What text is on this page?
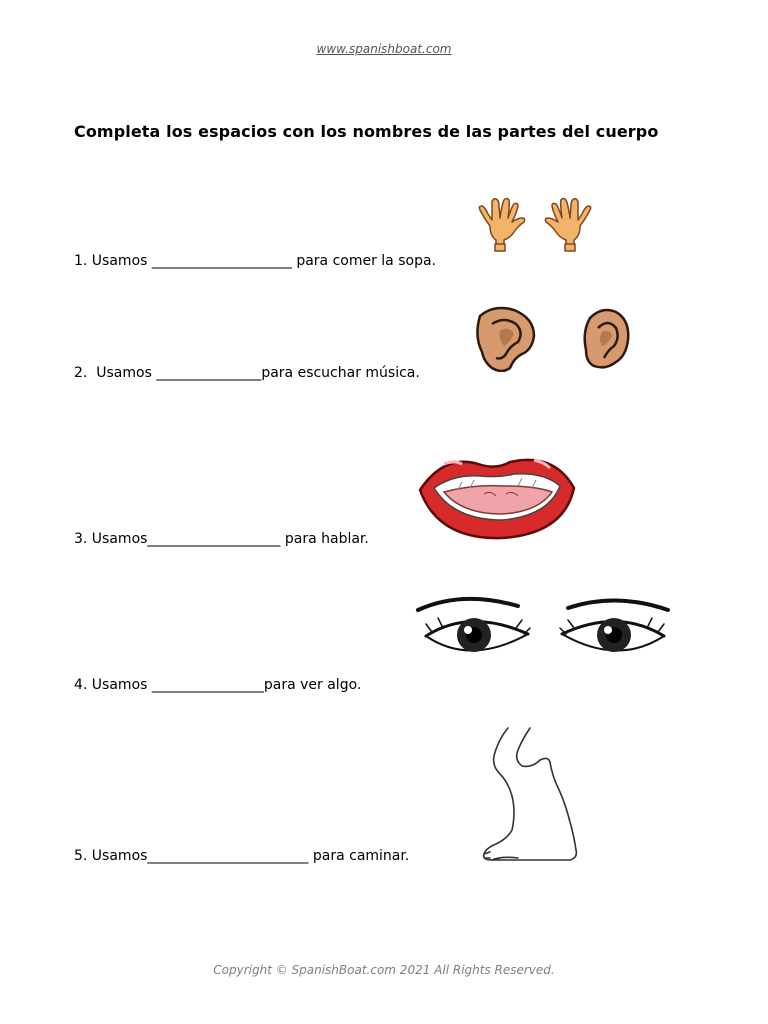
www.spanishboat.com
Completa los espacios con los nombres de las partes del cuerpo
1. Usamos ____________________ para comer la sopa.
2.  Usamos _______________para escuchar música.
3. Usamos___________________ para hablar.
4. Usamos ________________para ver algo.
5. Usamos_______________________ para caminar.
Copyright © SpanishBoat.com 2021 All Rights Reserved.
